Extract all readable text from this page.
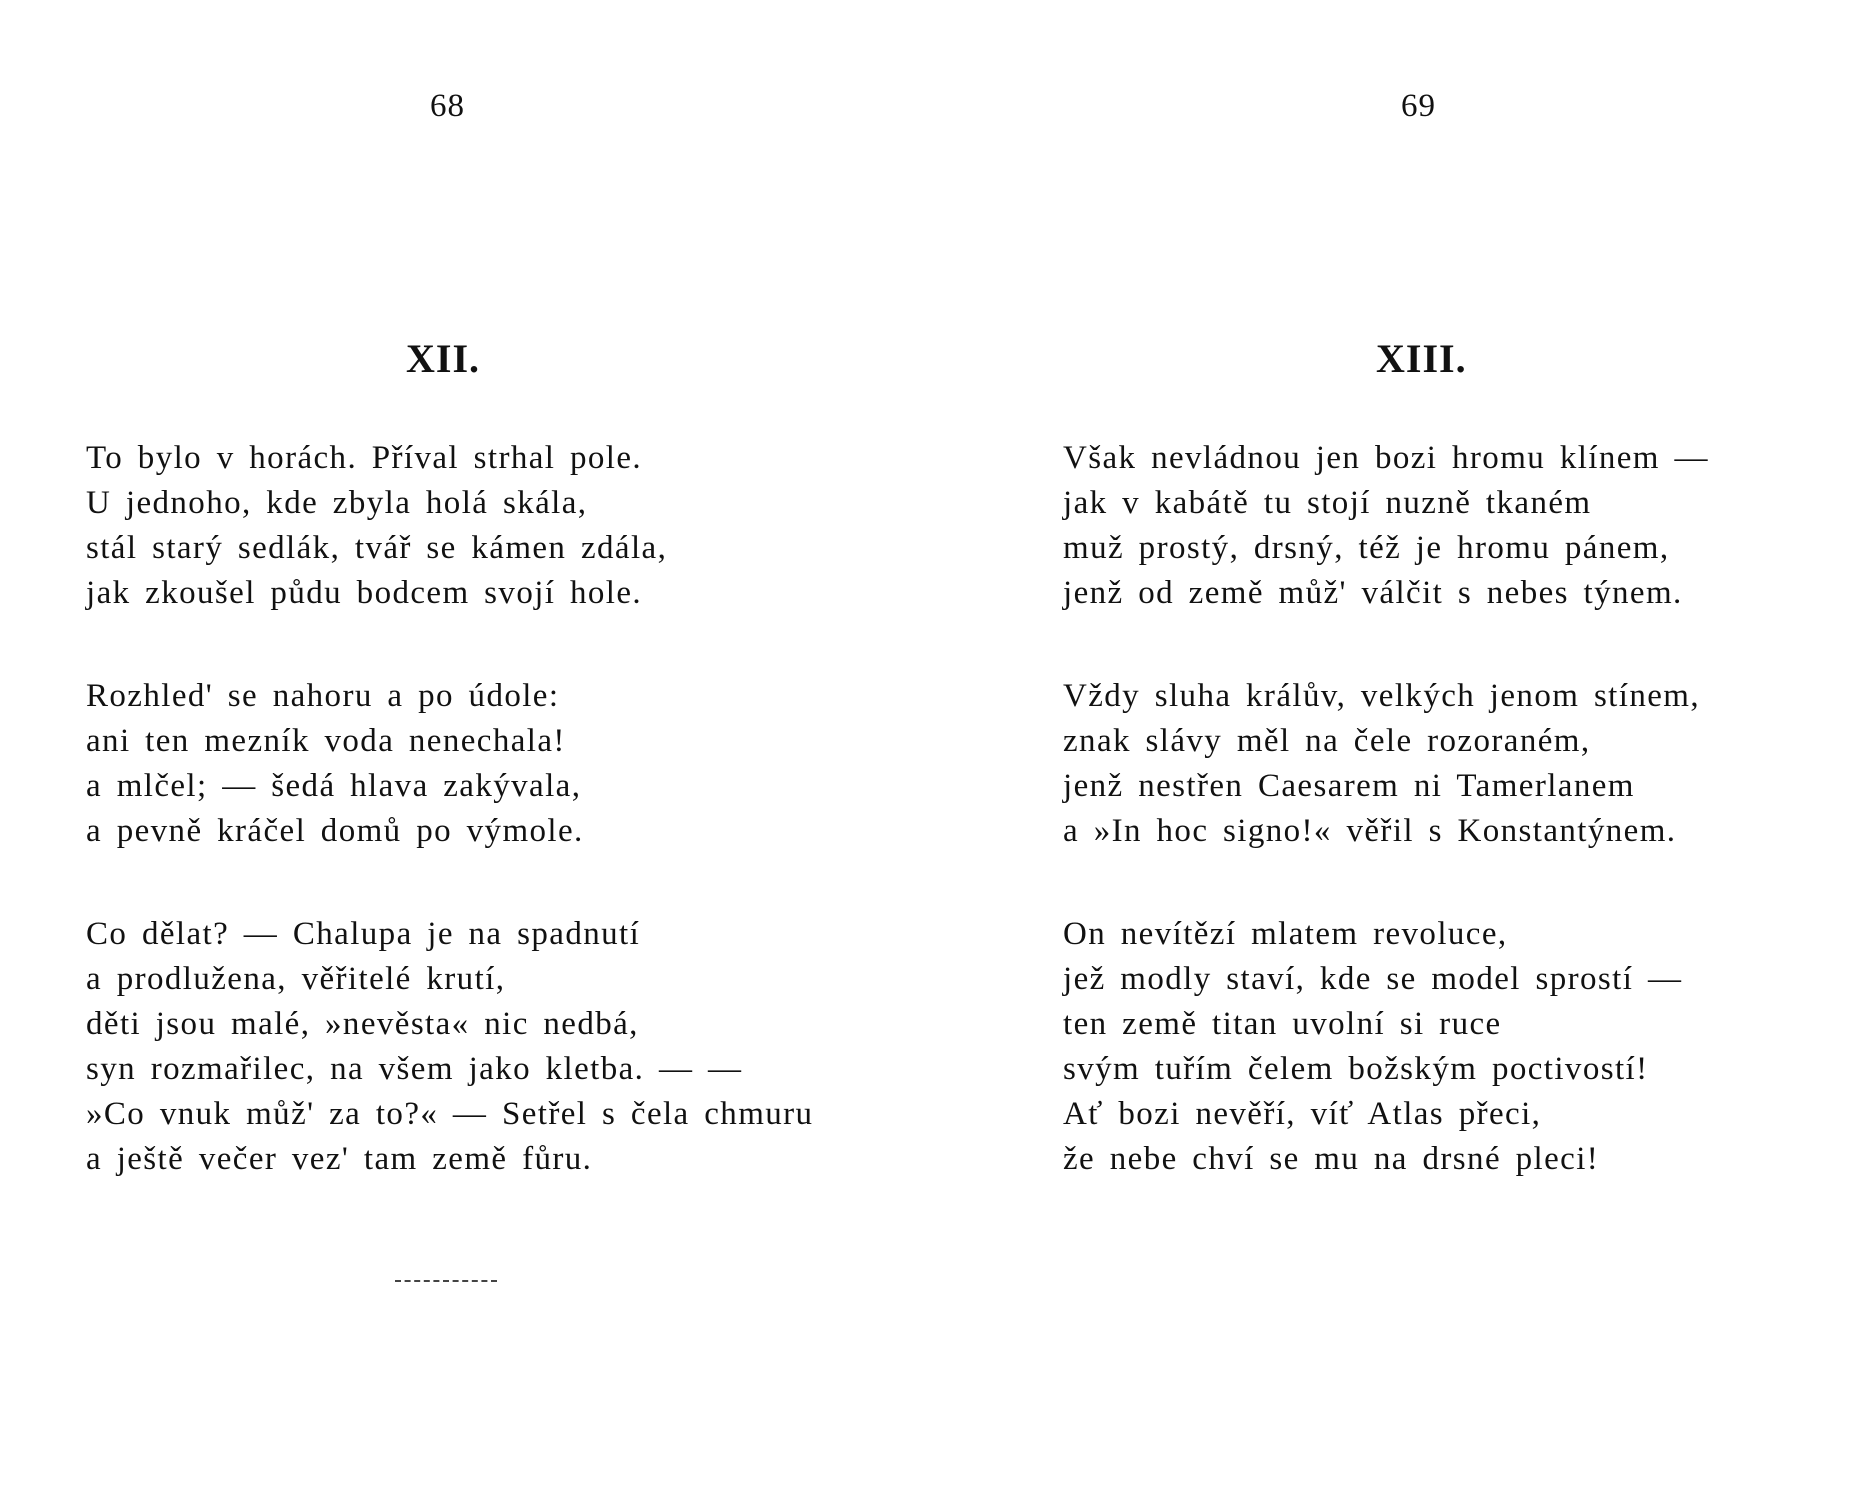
68
XII.
To bylo v horách. Příval strhal pole.
U jednoho, kde zbyla holá skála,
stál starý sedlák, tvář se kámen zdála,
jak zkoušel půdu bodcem svojí hole.
Rozhled' se nahoru a po údole:
ani ten mezník voda nenechala!
a mlčel; — šedá hlava zakývala,
a pevně kráčel domů po výmole.
Co dělat? — Chalupa je na spadnutí
a prodlužena, věřitelé krutí,
děti jsou malé, »nevěsta« nic nedbá,
syn rozmařilec, na všem jako kletba. — —
»Co vnuk můž' za to?« — Setřel s čela chmuru
a ještě večer vez' tam země fůru.
69
XIII.
Však nevládnou jen bozi hromu klínem —
jak v kabátě tu stojí nuzně tkaném
muž prostý, drsný, též je hromu pánem,
jenž od země můž' válčit s nebes týnem.
Vždy sluha králův, velkých jenom stínem,
znak slávy měl na čele rozoraném,
jenž nestřen Caesarem ni Tamerlanem
a »In hoc signo!« věřil s Konstantýnem.
On nevítězí mlatem revoluce,
jež modly staví, kde se model sprostí —
ten země titan uvolní si ruce
svým tuřím čelem božským poctivostí!
Ať bozi nevěří, víť Atlas přeci,
že nebe chví se mu na drsné pleci!
